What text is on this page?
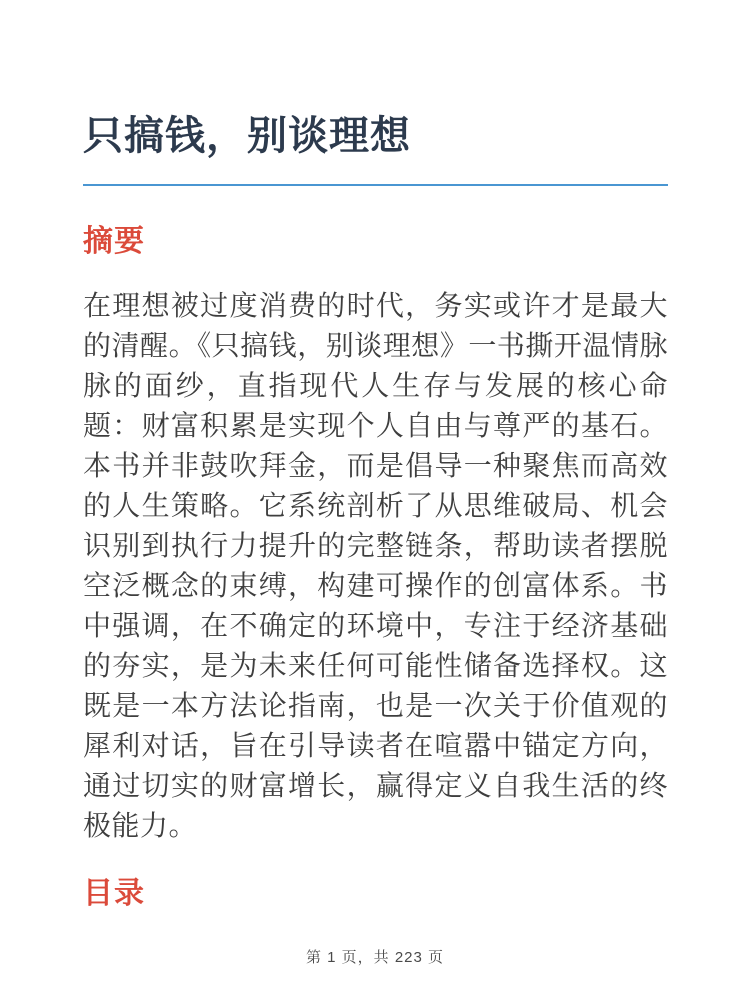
只搞钱，别谈理想
摘要

在理想被过度消费的时代，务实或许才是最大的清醒。《只搞钱，别谈理想》一书撕开温情脉脉的面纱，直指现代人生存与发展的核心命题：财富积累是实现个人自由与尊严的基石。本书并非鼓吹拜金，而是倡导一种聚焦而高效的人生策略。它系统剖析了从思维破局、机会识别到执行力提升的完整链条，帮助读者摆脱空泛概念的束缚，构建可操作的创富体系。书中强调，在不确定的环境中，专注于经济基础的夯实，是为未来任何可能性储备选择权。这既是一本方法论指南，也是一次关于价值观的犀利对话，旨在引导读者在喧嚣中锚定方向，通过切实的财富增长，赢得定义自我生活的终极能力。

目录
第 1 页，共 223 页
